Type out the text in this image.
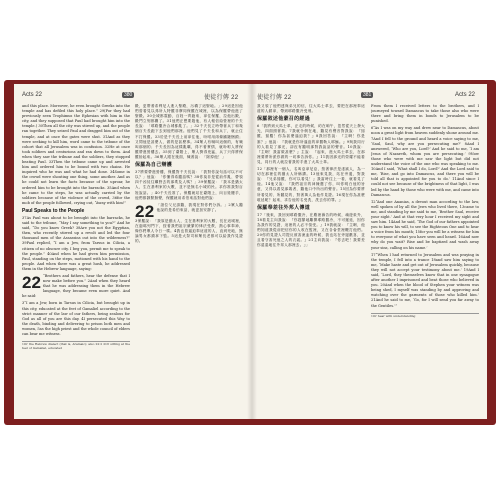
Acts 22	380	使徒行傳 22

and this place. Moreover, he even brought Greeks into the temple and has defiled this holy place.” 29(For they had previously seen Trophimus the Ephesian with him in the city, and they supposed that Paul had brought him into the temple.) 30Then all the city was stirred up, and the people ran together. They seized Paul and dragged him out of the temple, and at once the gates were shut. 31And as they were seeking to kill him, word came to the tribune of the cohort that all Jerusalem was in confusion. 32He at once took soldiers and centurions and ran down to them. And when they saw the tribune and the soldiers, they stopped beating Paul. 33Then the tribune came up and arrested him and ordered him to be bound with two chains. He inquired who he was and what he had done. 34Some in the crowd were shouting one thing, some another. And as he could not learn the facts because of the uproar, he ordered him to be brought into the barracks. 35And when he came to the steps, he was actually carried by the soldiers because of the violence of the crowd, 36for the mob of the people followed, crying out, “Away with him!”

Paul Speaks to the People

37As Paul was about to be brought into the barracks, he said to the tribune, “May I say something to you?” And he said, “Do you know Greek? 38Are you not the Egyptian, then, who recently stirred up a revolt and led the four thousand men of the Assassins out into the wilderness?” 39Paul replied, “I am a Jew, from Tarsus in Cilicia, a citizen of no obscure city. I beg you, permit me to speak to the people.” 40And when he had given him permission, Paul, standing on the steps, motioned with his hand to the people. And when there was a great hush, he addressed them in the Hebrew language, saying:

22 “Brothers and fathers, hear the defense that I now make before you.” 2And when they heard that he was addressing them in the Hebrew language, they became even more quiet. And he said:

3“I am a Jew, born in Tarsus in Cilicia, but brought up in this city, educated at the feet of Gamaliel according to the strict manner of the law of our fathers, being zealous for God as all of you are this day. 4I persecuted this Way to the death, binding and delivering to prison both men and women, 5as the high priest and the whole council of elders can bear me witness.

1Or the Hebrew dialect (that is, Aramaic); also 22:2 2Or sitting at the feet of Gamaliel, educated

殿，更帶著希利尼人進入聖殿，污穢了這聖地。」29這是因他們曾看見以弗所人特羅非摩同保羅在城裡，以為保羅帶他進了聖殿。30全城都震動，百姓一齊跑來，拿住保羅，拉他出殿，殿門立刻都關了。31他們正想要殺他，有人報信給營裡的千夫長說：「耶路撒冷合城都亂了。」32千夫長立時帶著兵丁和幾個百夫長跑下去到他們那裡。他們見了千夫長和兵丁，就止住不打保羅。33於是千夫長上前拿住他，吩咐用兩條鐵鏈捆鎖；又問他是甚麼人，做的是甚麼事。34眾人有喊叫這個的，有喊叫那個的；千夫長因為這樣亂嚷，得不著實情，就吩咐人將保羅帶進營樓去。35到了臺階上，眾人擠得兇猛，兵丁只得將保羅抬起來。36眾人跟在後面，喊著說：「除掉他！」

保羅為自己辯護

37將要帶進營樓，保羅對千夫長說：「我對你說句話可以不可以？」他說：「你懂得希臘話嗎？38你莫非是從前作亂、帶領四千凶徒往曠野去的那埃及人嗎？」39保羅說：「我本是猶太人，生在基利家的大數，並不是無名小城的民。求你准我對百姓說話。」40千夫長准了。保羅就站在臺階上，向百姓擺手，他們都靜默無聲，保羅就用希伯來話對他們說：

22 「諸位父兄請聽，我現在對你們分訴。」2眾人聽他說的是希伯來話，就更加安靜了。

3保羅說：「我原是猶太人，生在基利家的大數，長在這城裡，在迦瑪列門下，按著我們祖宗嚴緊的律法受教，熱心事奉神，像你們眾人今日一樣。4我也曾逼迫奉這道的人，直到死地，無論男女都鎖拿下監。5這是大祭司和眾長老都可以給我作見證的。

使徒行傳 22	381	Acts 22

我又領了他們達與弟兄的信，往大馬士革去，要把在那裡奉這道的人鎖拿，帶到耶路撒冷受刑。

保羅敘述他蒙召的經過

6「我將到大馬士革，正走的時候，約在晌午，忽然從天上發大光，四面照著我。7我就仆倒在地，聽見有聲音對我說：『掃羅，掃羅！你為甚麼逼迫我？』8我回答說：『主啊！你是誰？』他說：『我就是你所逼迫的拿撒勒人耶穌。』9與我同行的人看見了那光，卻沒有聽明那對我說話的聲音。10我說：『主啊！我當做甚麼？』主說：『起來，進大馬士革去，在那裡要將所派你做的一切事告訴你。』11我因那光的榮耀不能看見，同行的人就拉著我的手進了大馬士革。

12「那裡有一個人，名叫亞拿尼亞，按著律法是虔誠人，為一切在那裡住的猶太人所稱讚。13他來見我，站在旁邊，對我說：『兄弟掃羅，你可以看見！』我當時往上一看，就看見了他。14他又說：『我們祖宗的神揀選了你，叫你明白他的旨意，又得以看見那義者，聽他口中所出的聲音。15因為你要將所看見的、所聽見的，對著萬人為他作見證。16現在你為甚麼耽延呢？起來，求告他的名受洗，洗去你的罪。』

保羅奉差往外邦人傳道

17「後來，我回到耶路撒冷，在殿裡禱告的時候，魂遊象外，18看見主向我說：『你趕緊地離開耶路撒冷，不可遲延，因你為我作的見證，這裡的人必不領受。』19我就說：『主啊，他們知道我從前把信你的人收在監裡，又在各會堂裡鞭打他們。20你的見證人司提反被害流血的時候，我也站在旁邊歡喜，並且看守害死他之人的衣裳。』21主向我說：『你去吧！我要差你遠遠地往外邦人那裡去。』」

From them I received letters to the brothers, and I journeyed toward Damascus to take those also who were there and bring them in bonds to Jerusalem to be punished.

6“As I was on my way and drew near to Damascus, about noon a great light from heaven suddenly shone around me. 7And I fell to the ground and heard a voice saying to me, ‘Saul, Saul, why are you persecuting me?’ 8And I answered, ‘Who are you, Lord?’ And he said to me, ‘I am Jesus of Nazareth, whom you are persecuting.’ 9Now those who were with me saw the light but did not understand the voice of the one who was speaking to me. 10And I said, ‘What shall I do, Lord?’ And the Lord said to me, ‘Rise, and go into Damascus, and there you will be told all that is appointed for you to do.’ 11And since I could not see because of the brightness of that light, I was led by the hand by those who were with me, and came into Damascus.

12“And one Ananias, a devout man according to the law, well spoken of by all the Jews who lived there, 13came to me, and standing by me said to me, ‘Brother Saul, receive your sight.’ And at that very hour I received my sight and saw him. 14And he said, ‘The God of our fathers appointed you to know his will, to see the Righteous One and to hear a voice from his mouth; 15for you will be a witness for him to everyone of what you have seen and heard. 16And now why do you wait? Rise and be baptized and wash away your sins, calling on his name.’

17“When I had returned to Jerusalem and was praying in the temple, I fell into a trance 18and saw him saying to me, ‘Make haste and get out of Jerusalem quickly, because they will not accept your testimony about me.’ 19And I said, ‘Lord, they themselves know that in one synagogue after another I imprisoned and beat those who believed in you. 20And when the blood of Stephen your witness was being shed, I myself was standing by and approving and watching over the garments of those who killed him.’ 21And he said to me, ‘Go, for I will send you far away to the Gentiles.’”

1Or hear with understanding
